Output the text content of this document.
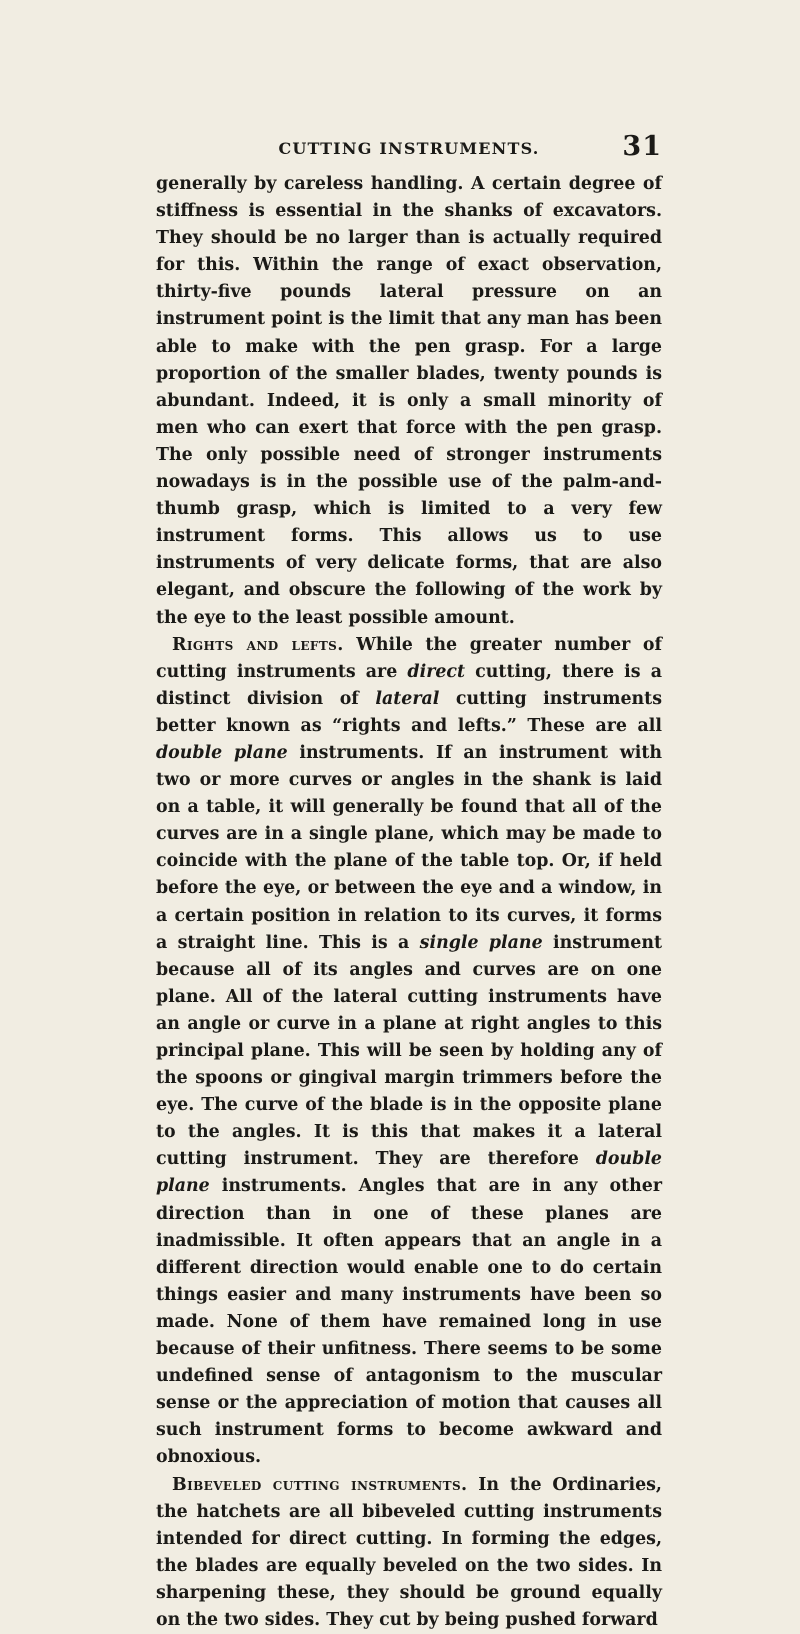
CUTTING INSTRUMENTS.	31

generally by careless handling. A certain degree of stiffness is essential in the shanks of excavators. They should be no larger than is actually required for this. Within the range of exact observation, thirty-five pounds lateral pressure on an instrument point is the limit that any man has been able to make with the pen grasp. For a large proportion of the smaller blades, twenty pounds is abundant. Indeed, it is only a small minority of men who can exert that force with the pen grasp. The only possible need of stronger instruments nowadays is in the possible use of the palm-and-thumb grasp, which is limited to a very few instrument forms. This allows us to use instruments of very delicate forms, that are also elegant, and obscure the following of the work by the eye to the least possible amount.

Rights and lefts. While the greater number of cutting instruments are direct cutting, there is a distinct division of lateral cutting instruments better known as “rights and lefts.” These are all double plane instruments. If an instrument with two or more curves or angles in the shank is laid on a table, it will generally be found that all of the curves are in a single plane, which may be made to coincide with the plane of the table top. Or, if held before the eye, or between the eye and a window, in a certain position in relation to its curves, it forms a straight line. This is a single plane instrument because all of its angles and curves are on one plane. All of the lateral cutting instruments have an angle or curve in a plane at right angles to this principal plane. This will be seen by holding any of the spoons or gingival margin trimmers before the eye. The curve of the blade is in the opposite plane to the angles. It is this that makes it a lateral cutting instrument. They are therefore double plane instruments. Angles that are in any other direction than in one of these planes are inadmissible. It often appears that an angle in a different direction would enable one to do certain things easier and many instruments have been so made. None of them have remained long in use because of their unfitness. There seems to be some undefined sense of antagonism to the muscular sense or the appreciation of motion that causes all such instrument forms to become awkward and obnoxious.

Bibeveled cutting instruments. In the Ordinaries, the hatchets are all bibeveled cutting instruments intended for direct cutting. In forming the edges, the blades are equally beveled on the two sides. In sharpening these, they should be ground equally on the two sides. They cut by being pushed forward
